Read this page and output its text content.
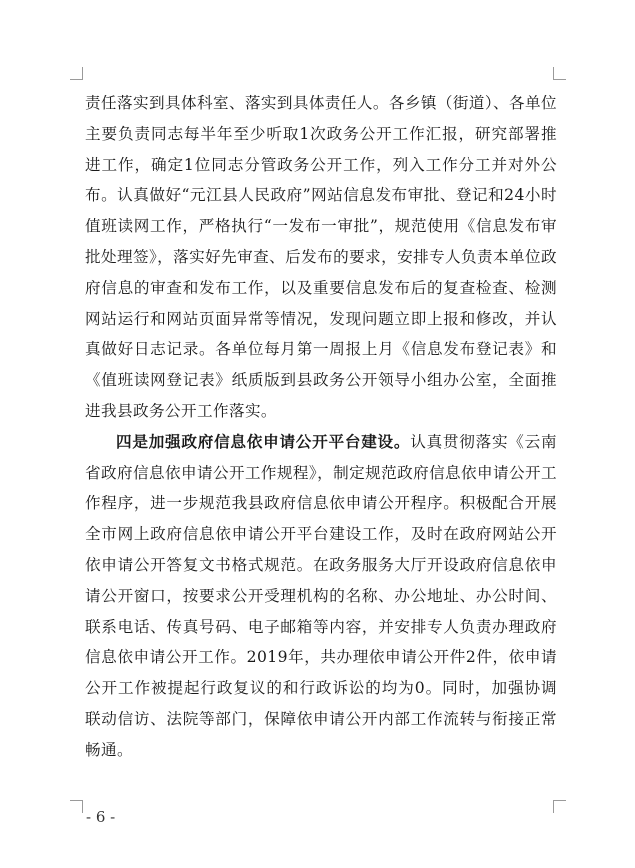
责任落实到具体科室、落实到具体责任人。各乡镇（街道）、各单位主要负责同志每半年至少听取1次政务公开工作汇报，研究部署推进工作，确定1位同志分管政务公开工作，列入工作分工并对外公布。认真做好“元江县人民政府”网站信息发布审批、登记和24小时值班读网工作，严格执行“一发布一审批”，规范使用《信息发布审批处理签》，落实好先审查、后发布的要求，安排专人负责本单位政府信息的审查和发布工作，以及重要信息发布后的复查检查、检测网站运行和网站页面异常等情况，发现问题立即上报和修改，并认真做好日志记录。各单位每月第一周报上月《信息发布登记表》和《值班读网登记表》纸质版到县政务公开领导小组办公室，全面推进我县政务公开工作落实。

四是加强政府信息依申请公开平台建设。认真贯彻落实《云南省政府信息依申请公开工作规程》，制定规范政府信息依申请公开工作程序，进一步规范我县政府信息依申请公开程序。积极配合开展全市网上政府信息依申请公开平台建设工作，及时在政府网站公开依申请公开答复文书格式规范。在政务服务大厅开设政府信息依申请公开窗口，按要求公开受理机构的名称、办公地址、办公时间、联系电话、传真号码、电子邮箱等内容，并安排专人负责办理政府信息依申请公开工作。2019年，共办理依申请公开件2件，依申请公开工作被提起行政复议的和行政诉讼的均为0。同时，加强协调联动信访、法院等部门，保障依申请公开内部工作流转与衔接正常畅通。

- 6 -
